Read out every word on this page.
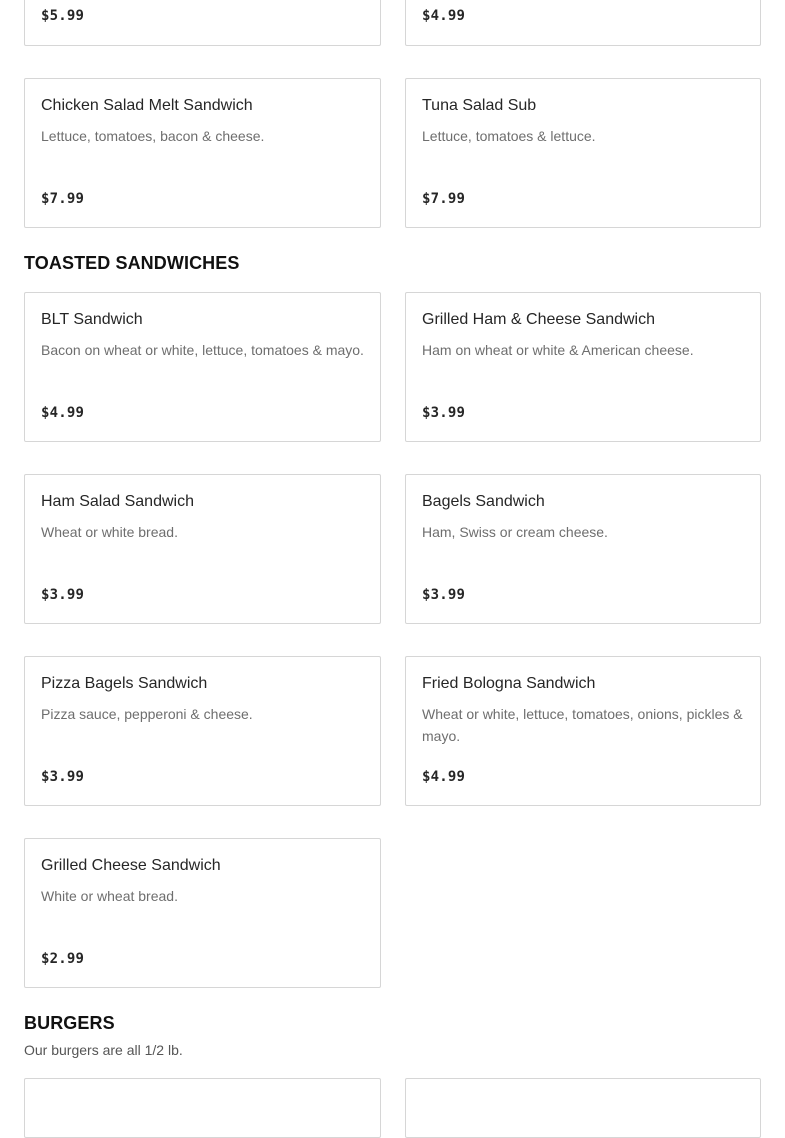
$5.99	$4.99
Chicken Salad Melt Sandwich
Lettuce, tomatoes, bacon & cheese.
$7.99
Tuna Salad Sub
Lettuce, tomatoes & lettuce.
$7.99
TOASTED SANDWICHES
BLT Sandwich
Bacon on wheat or white, lettuce, tomatoes & mayo.
$4.99
Grilled Ham & Cheese Sandwich
Ham on wheat or white & American cheese.
$3.99
Ham Salad Sandwich
Wheat or white bread.
$3.99
Bagels Sandwich
Ham, Swiss or cream cheese.
$3.99
Pizza Bagels Sandwich
Pizza sauce, pepperoni & cheese.
$3.99
Fried Bologna Sandwich
Wheat or white, lettuce, tomatoes, onions, pickles & mayo.
$4.99
Grilled Cheese Sandwich
White or wheat bread.
$2.99
BURGERS
Our burgers are all 1/2 lb.
